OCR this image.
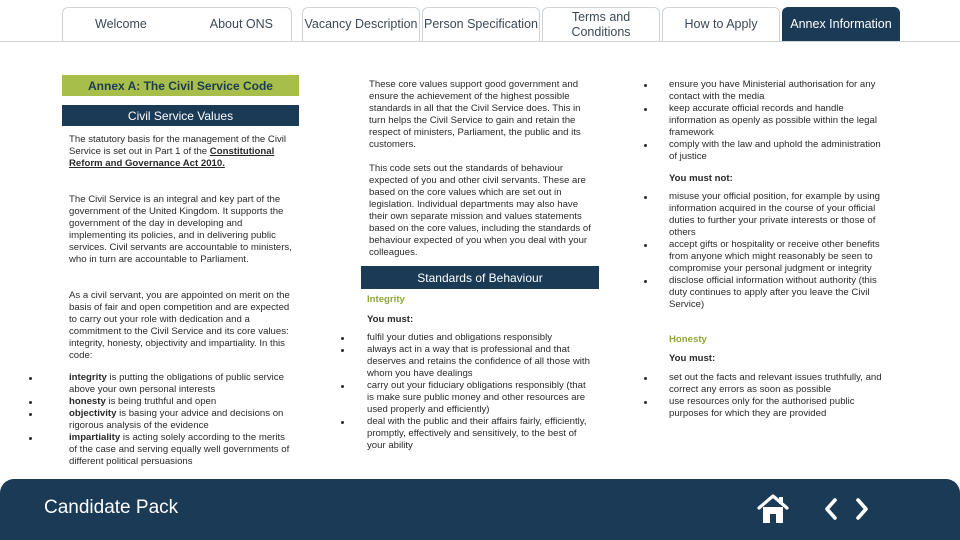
Welcome	About ONS	Vacancy Description Person Specification
Terms and Conditions
How to Apply	Annex Information
Annex A: The Civil Service Code
Civil Service Values
The statutory basis for the management of the Civil Service is set out in Part 1 of the Constitutional Reform and Governance Act 2010.
The Civil Service is an integral and key part of the government of the United Kingdom. It supports the government of the day in developing and implementing its policies, and in delivering public services. Civil servants are accountable to ministers, who in turn are accountable to Parliament.
As a civil servant, you are appointed on merit on the basis of fair and open competition and are expected to carry out your role with dedication and a commitment to the Civil Service and its core values: integrity, honesty, objectivity and impartiality. In this code:
integrity is putting the obligations of public service above your own personal interests
honesty is being truthful and open
objectivity is basing your advice and decisions on rigorous analysis of the evidence
impartiality is acting solely according to the merits of the case and serving equally well governments of different political persuasions
These core values support good government and ensure the achievement of the highest possible standards in all that the Civil Service does. This in turn helps the Civil Service to gain and retain the respect of ministers, Parliament, the public and its customers.
This code sets out the standards of behaviour expected of you and other civil servants. These are based on the core values which are set out in legislation. Individual departments may also have their own separate mission and values statements based on the core values, including the standards of behaviour expected of you when you deal with your colleagues.
Standards of Behaviour
Integrity
You must:
fulfil your duties and obligations responsibly
always act in a way that is professional and that deserves and retains the confidence of all those with whom you have dealings
carry out your fiduciary obligations responsibly (that is make sure public money and other resources are used properly and efficiently)
deal with the public and their affairs fairly, efficiently, promptly, effectively and sensitively, to the best of your ability
ensure you have Ministerial authorisation for any contact with the media
keep accurate official records and handle information as openly as possible within the legal framework
comply with the law and uphold the administration of justice
You must not:
misuse your official position, for example by using information acquired in the course of your official duties to further your private interests or those of others
accept gifts or hospitality or receive other benefits from anyone which might reasonably be seen to compromise your personal judgment or integrity
disclose official information without authority (this duty continues to apply after you leave the Civil Service)
Honesty
You must:
set out the facts and relevant issues truthfully, and correct any errors as soon as possible
use resources only for the authorised public purposes for which they are provided
Candidate Pack
